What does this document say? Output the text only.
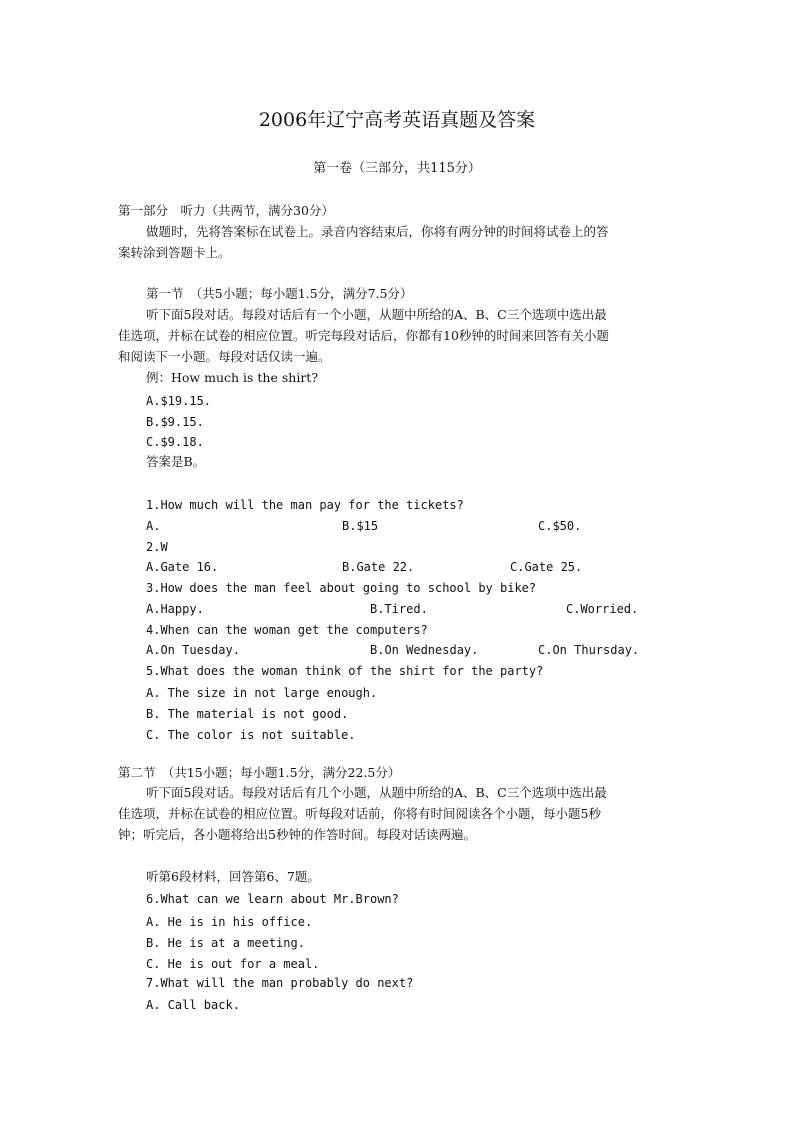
2006年辽宁高考英语真题及答案
第一卷（三部分，共115分）
第一部分　听力（共两节，满分30分）
做题时，先将答案标在试卷上。录音内容结束后，你将有两分钟的时间将试卷上的答
案转涂到答题卡上。
第一节　（共5小题；每小题1.5分，满分7.5分）
听下面5段对话。每段对话后有一个小题，从题中所给的A、B、C三个选项中选出最
佳选项，并标在试卷的相应位置。听完每段对话后，你都有10秒钟的时间来回答有关小题
和阅读下一小题。每段对话仅读一遍。
例：How much is the shirt?
A.$19.15.
B.$9.15.
C.$9.18.
答案是B。
1.How much will the man pay for the tickets?
A.	B.$15	C.$50.
2.W
A.Gate 16.	B.Gate 22.	C.Gate 25.
3.How does the man feel about going to school by bike?
A.Happy.	B.Tired.	C.Worried.
4.When can the woman get the computers?
A.On Tuesday.	B.On Wednesday.	C.On Thursday.
5.What does the woman think of the shirt for the party?
A. The size in not large enough.
B. The material is not good.
C. The color is not suitable.
第二节　（共15小题；每小题1.5分，满分22.5分）
听下面5段对话。每段对话后有几个小题，从题中所给的A、B、C三个选项中选出最
佳选项，并标在试卷的相应位置。听每段对话前，你将有时间阅读各个小题，每小题5秒
钟；听完后，各小题将给出5秒钟的作答时间。每段对话读两遍。
听第6段材料，回答第6、7题。
6.What can we learn about Mr.Brown?
A. He is in his office.
B. He is at a meeting.
C. He is out for a meal.
7.What will the man probably do next?
A. Call back.
